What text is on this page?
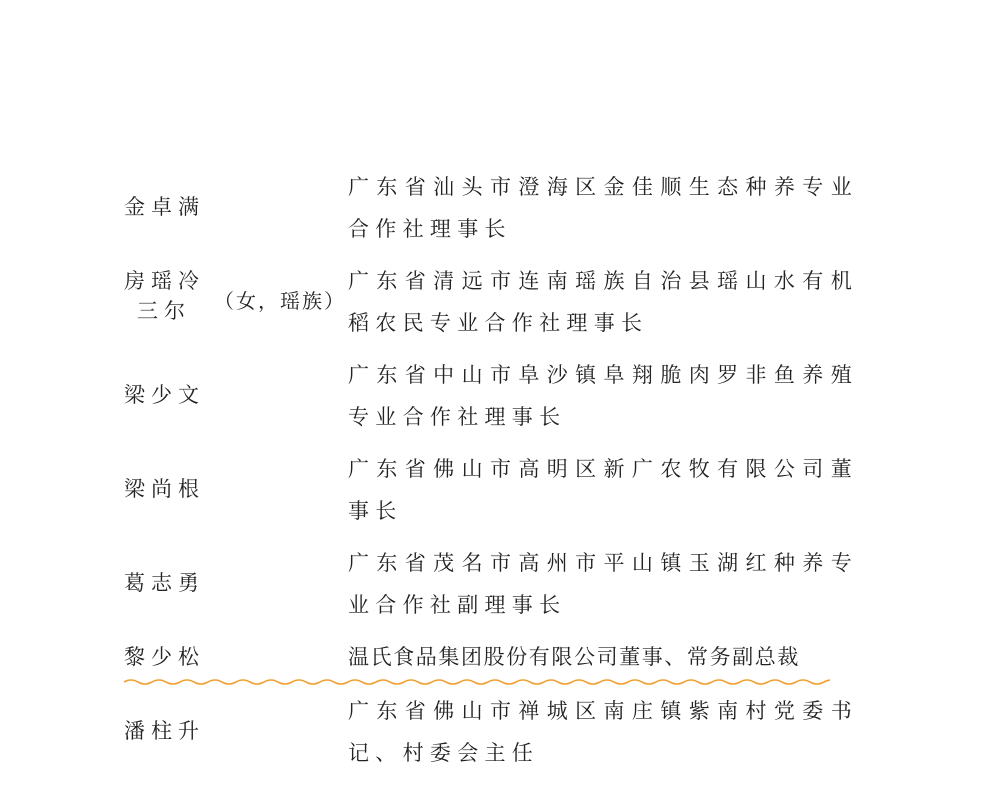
金卓满
广东省汕头市澄海区金佳顺生态种养专业合作社理事长
房瑶冷
三尔	（女，瑶族）
广东省清远市连南瑶族自治县瑶山水有机稻农民专业合作社理事长
梁少文
广东省中山市阜沙镇阜翔脆肉罗非鱼养殖专业合作社理事长
梁尚根
广东省佛山市高明区新广农牧有限公司董事长
葛志勇
广东省茂名市高州市平山镇玉湖红种养专业合作社副理事长
黎少松	温氏食品集团股份有限公司董事、常务副总裁
潘柱升
广东省佛山市禅城区南庄镇紫南村党委书记、村委会主任
